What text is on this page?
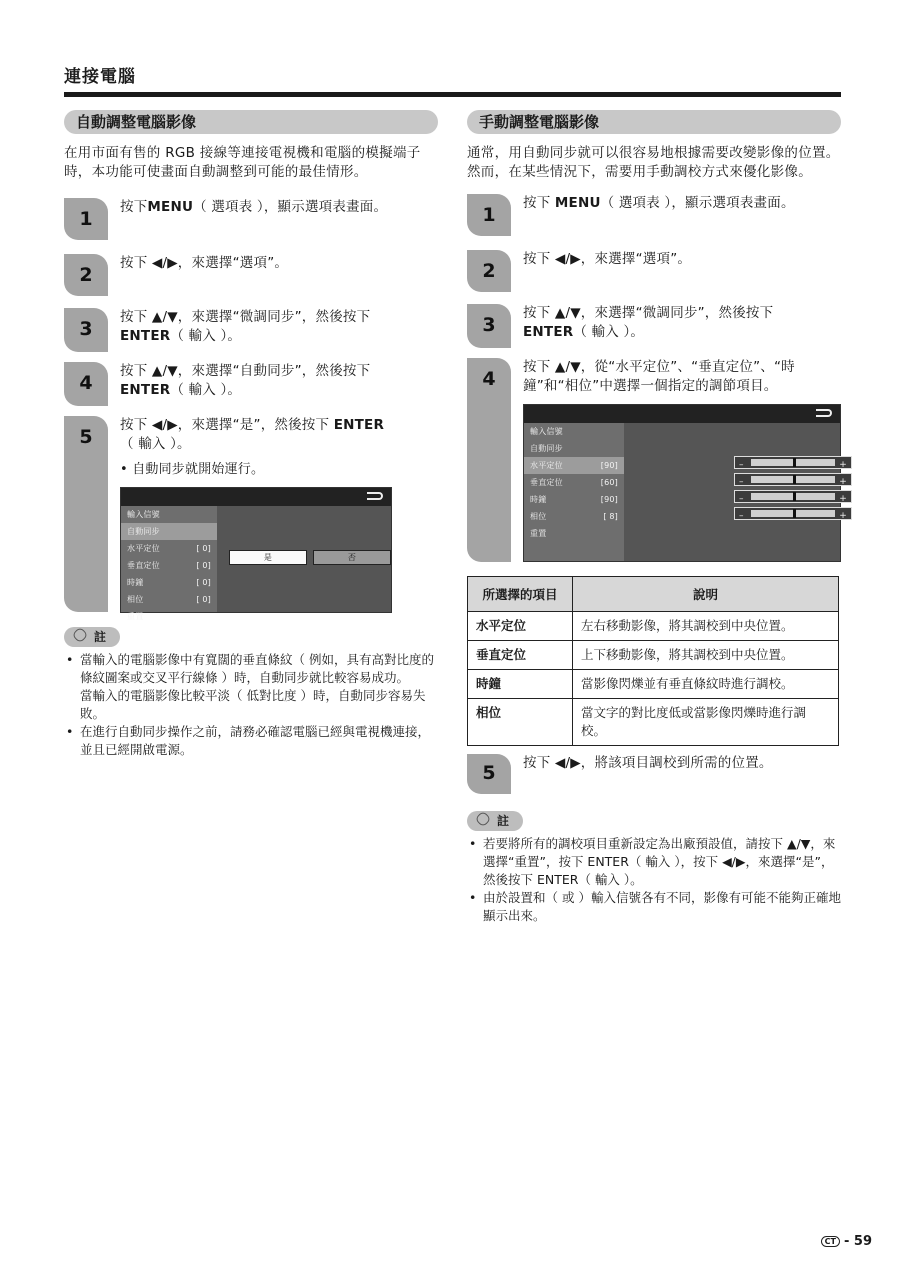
連接電腦
自動調整電腦影像
在用市面有售的 RGB 接線等連接電視機和電腦的模擬端子時，本功能可使畫面自動調整到可能的最佳情形。
1
按下MENU（ 選項表 ），顯示選項表畫面。
2
按下 ◀/▶，來選擇“選項”。
3
按下 ▲/▼，來選擇“微調同步”，然後按下
ENTER（ 輸入 ）。
4
按下 ▲/▼，來選擇“自動同步”，然後按下
ENTER（ 輸入 ）。
5
按下 ◀/▶，來選擇“是”，然後按下 ENTER
（ 輸入 ）。
• 自動同步就開始運行。
輸入信號
自動同步
水平定位	[ 0]
垂直定位	[ 0]
時鐘	[ 0]
相位	[ 0]
重置
是	否
註
• 當輸入的電腦影像中有寬闊的垂直條紋（ 例如，具有高對比度的條紋圖案或交叉平行線條 ）時，自動同步就比較容易成功。
當輸入的電腦影像比較平淡（ 低對比度 ）時，自動同步容易失敗。
• 在進行自動同步操作之前，請務必確認電腦已經與電視機連接，並且已經開啟電源。
手動調整電腦影像
通常，用自動同步就可以很容易地根據需要改變影像的位置。然而，在某些情況下，需要用手動調校方式來優化影像。
1
按下 MENU（ 選項表 ），顯示選項表畫面。
2
按下 ◀/▶，來選擇“選項”。
3
按下 ▲/▼，來選擇“微調同步”，然後按下
ENTER（ 輸入 ）。
4
按下 ▲/▼，從“水平定位”、“垂直定位”、“時鐘”和“相位”中選擇一個指定的調節項目。
輸入信號
自動同步
水平定位	[90]
垂直定位	[60]
時鐘	[90]
相位	[ 8]
重置
–	+
–	+
–	+
–	+
所選擇的項目	說明
水平定位	左右移動影像，將其調校到中央位置。
垂直定位	上下移動影像，將其調校到中央位置。
時鐘	當影像閃爍並有垂直條紋時進行調校。
相位	當文字的對比度低或當影像閃爍時進行調校。
5	按下 ◀/▶，將該項目調校到所需的位置。
註
• 若要將所有的調校項目重新設定為出廠預設值，請按下 ▲/▼，來選擇“重置”，按下 ENTER（ 輸入 ），按下 ◀/▶，來選擇“是”，然後按下 ENTER（ 輸入 ）。
• 由於設置和（ 或 ）輸入信號各有不同，影像有可能不能夠正確地顯示出來。
CT - 59
